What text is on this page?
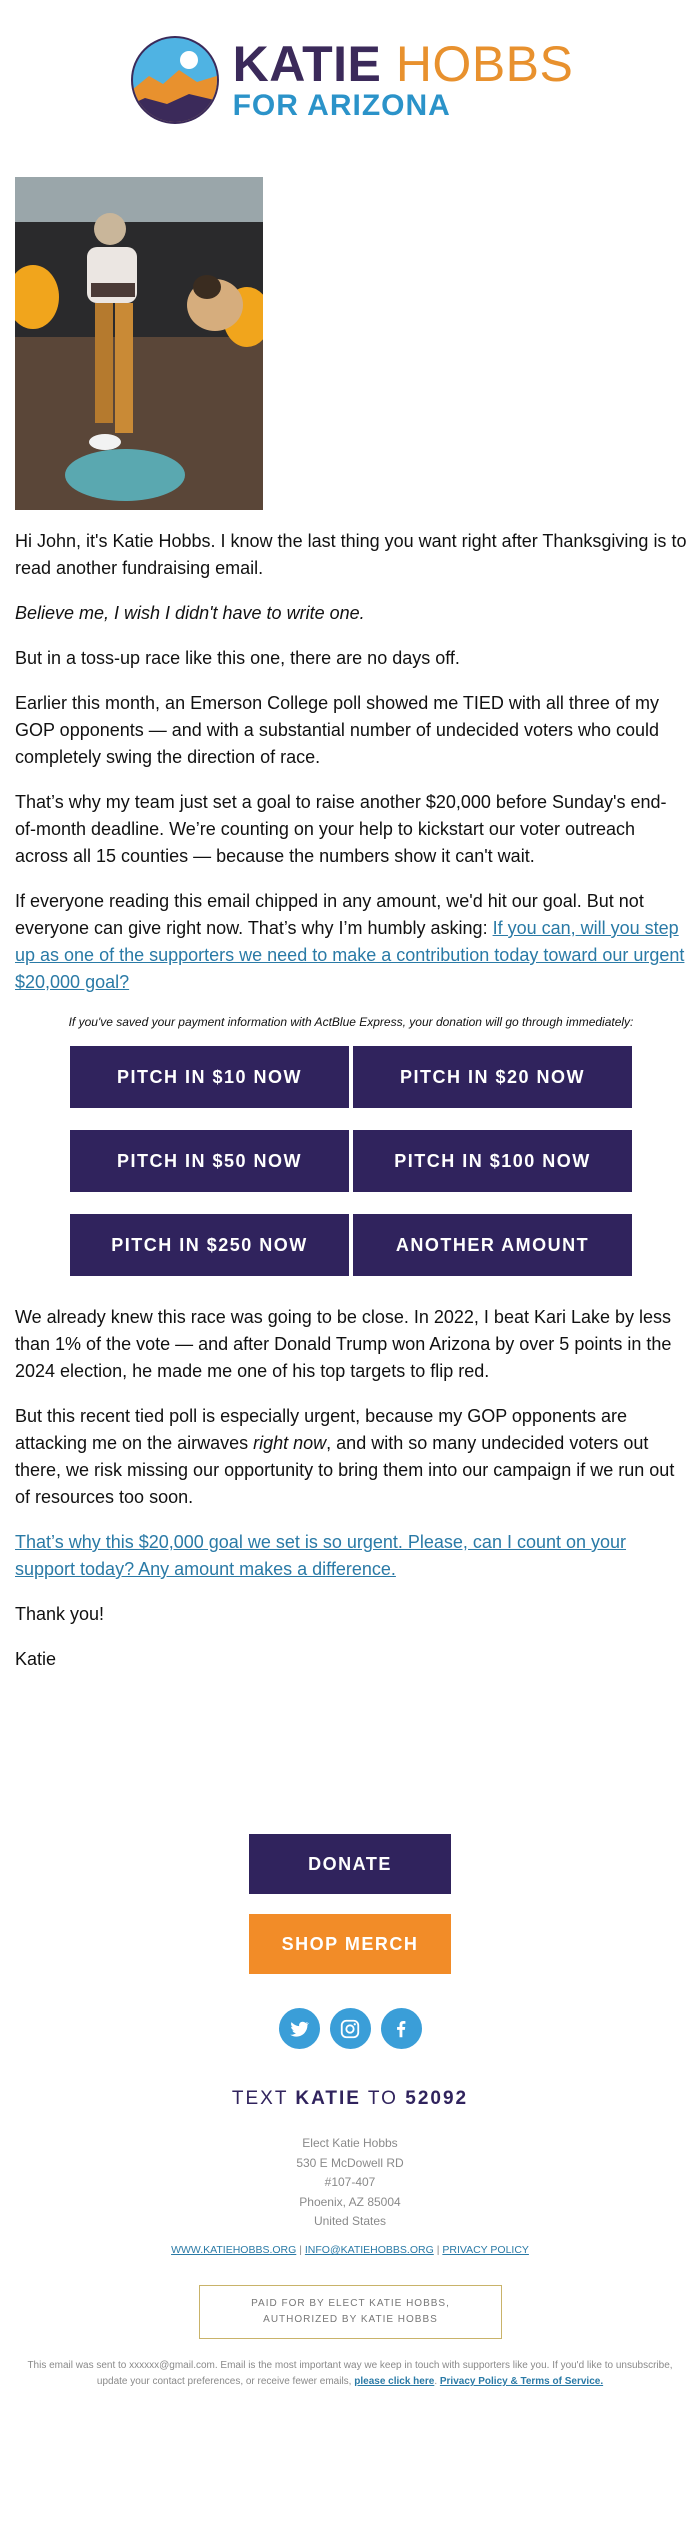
KATIE HOBBS
FOR ARIZONA

Hi John, it's Katie Hobbs. I know the last thing you want right after Thanksgiving is to read another fundraising email.

Believe me, I wish I didn't have to write one.

But in a toss-up race like this one, there are no days off.

Earlier this month, an Emerson College poll showed me TIED with all three of my GOP opponents — and with a substantial number of undecided voters who could completely swing the direction of race.

That’s why my team just set a goal to raise another $20,000 before Sunday's end-of-month deadline. We’re counting on your help to kickstart our voter outreach across all 15 counties — because the numbers show it can't wait.

If everyone reading this email chipped in any amount, we'd hit our goal. But not everyone can give right now. That’s why I’m humbly asking: If you can, will you step up as one of the supporters we need to make a contribution today toward our urgent $20,000 goal?

If you've saved your payment information with ActBlue Express, your donation will go through immediately:

PITCH IN $10 NOW	PITCH IN $20 NOW
PITCH IN $50 NOW	PITCH IN $100 NOW
PITCH IN $250 NOW	ANOTHER AMOUNT

We already knew this race was going to be close. In 2022, I beat Kari Lake by less than 1% of the vote — and after Donald Trump won Arizona by over 5 points in the 2024 election, he made me one of his top targets to flip red.

But this recent tied poll is especially urgent, because my GOP opponents are attacking me on the airwaves right now, and with so many undecided voters out there, we risk missing our opportunity to bring them into our campaign if we run out of resources too soon.

That’s why this $20,000 goal we set is so urgent. Please, can I count on your support today? Any amount makes a difference.

Thank you!

Katie

DONATE
SHOP MERCH
TEXT KATIE TO 52092
Elect Katie Hobbs
530 E McDowell RD
#107-407
Phoenix, AZ 85004
United States
WWW.KATIEHOBBS.ORG | INFO@KATIEHOBBS.ORG | PRIVACY POLICY
PAID FOR BY ELECT KATIE HOBBS,
AUTHORIZED BY KATIE HOBBS
This email was sent to xxxxxx@gmail.com. Email is the most important way we keep in touch with supporters like you. If you'd like to unsubscribe, update your contact preferences, or receive fewer emails, please click here. Privacy Policy & Terms of Service.
